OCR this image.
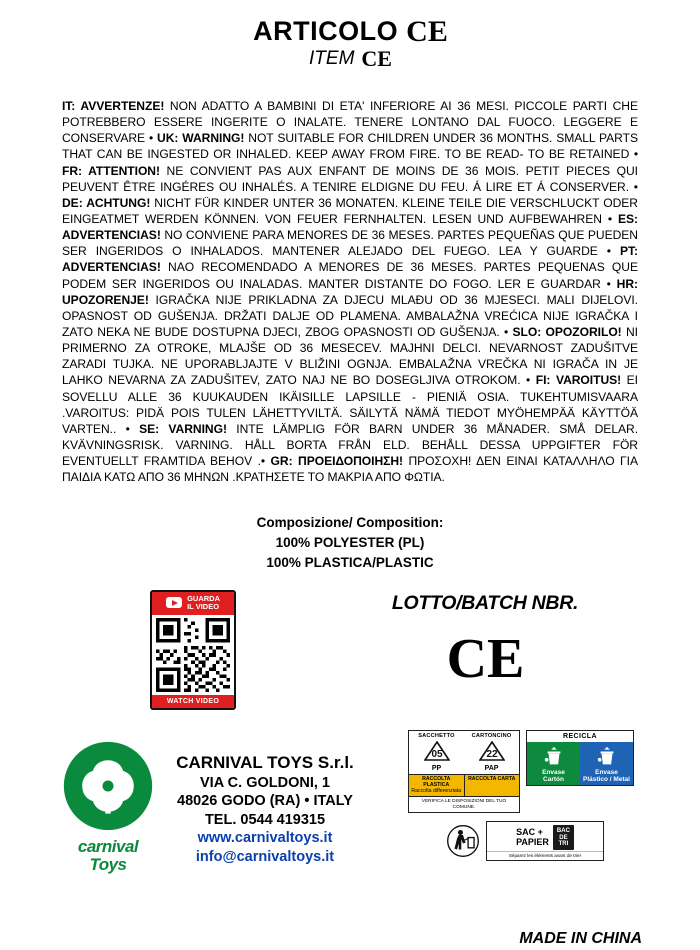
ARTICOLO C E
ITEM C E
IT: AVVERTENZE! NON ADATTO A BAMBINI DI ETA' INFERIORE AI 36 MESI. PICCOLE PARTI CHE POTREBBERO ESSERE INGERITE O INALATE. TENERE LONTANO DAL FUOCO. LEGGERE E CONSERVARE • UK: WARNING! NOT SUITABLE FOR CHILDREN UNDER 36 MONTHS. SMALL PARTS THAT CAN BE INGESTED OR INHALED. KEEP AWAY FROM FIRE. TO BE READ- TO BE RETAINED • FR: ATTENTION! NE CONVIENT PAS AUX ENFANT DE MOINS DE 36 MOIS. PETIT PIECES QUI PEUVENT ÊTRE INGÉRES OU INHALÉS. A TENIRE ELDIGNE DU FEU. Á LIRE ET Á CONSERVER. • DE: ACHTUNG! NICHT FÜR KINDER UNTER 36 MONATEN. KLEINE TEILE DIE VERSCHLUCKT ODER EINGEATMET WERDEN KÖNNEN. VON FEUER FERNHALTEN. LESEN UND AUFBEWAHREN • ES: ADVERTENCIAS! NO CONVIENE PARA MENORES DE 36 MESES. PARTES PEQUEÑAS QUE PUEDEN SER INGERIDOS O INHALADOS. MANTENER ALEJADO DEL FUEGO. LEA Y GUARDE • PT: ADVERTENCIAS! NAO RECOMENDADO A MENORES DE 36 MESES. PARTES PEQUENAS QUE PODEM SER INGERIDOS OU INALADAS. MANTER DISTANTE DO FOGO. LER E GUARDAR • HR: UPOZORENJE! IGRAČKA NIJE PRIKLADNA ZA DJECU MLAĐU OD 36 MJESECI. MALI DIJELOVI. OPASNOST OD GUŠENJA. DRŽATI DALJE OD PLAMENA. AMBALAŽNA VREĆICA NIJE IGRAČKA I ZATO NEKA NE BUDE DOSTUPNA DJECI, ZBOG OPASNOSTI OD GUŠENJA. • SLO: OPOZORILO! NI PRIMERNO ZA OTROKE, MLAJŠE OD 36 MESECEV. MAJHNI DELCI. NEVARNOST ZADUŠITVE ZARADI TUJKA. NE UPORABLJAJTE V BLIŽINI OGNJA. EMBALAŽNA VREČKA NI IGRAČA IN JE LAHKO NEVARNA ZA ZADUŠITEV, ZATO NAJ NE BO DOSEGLJIVA OTROKOM. • FI: VAROITUS! EI SOVELLU ALLE 36 KUUKAUDEN IKÄISILLE LAPSILLE - PIENIÄ OSIA. TUKEHTUMISVAARA .VAROITUS: PIDÄ POIS TULEN LÄHETTYVILTÄ. SÄILYTÄ NÄMÄ TIEDOT MYÖHEMPÄÄ KÄYTTÖÄ VARTEN.. • SE: VARNING! INTE LÄMPLIG FÖR BARN UNDER 36 MÅNADER. SMÅ DELAR. KVÄVNINGSRISK. VARNING. HÅLL BORTA FRÅN ELD. BEHÅLL DESSA UPPGIFTER FÖR EVENTUELLT FRAMTIDA BEHOV .• GR: ΠΡΟΕΙΔΟΠΟΙΗΣΗ! ΠΡΟΣΟΧΗ! ΔΕΝ ΕΙΝΑΙ ΚΑΤΑΛΛΗΛΟ ΓΙΑ ΠΑΙΔΙΑ ΚΑΤΩ ΑΠΟ 36 ΜΗΝΩΝ .ΚΡΑΤΗΣΕΤΕ ΤΟ ΜΑΚΡΙΑ ΑΠΟ ΦΩΤΙΑ.
Composizione/ Composition:
100% POLYESTER (PL)
100% PLASTICA/PLASTIC
GUARDA
IL VIDEO
WATCH VIDEO
LOTTO/BATCH NBR.
C E
carnival
Toys
CARNIVAL TOYS S.r.l.
VIA C. GOLDONI, 1
48026 GODO (RA) • ITALY
TEL. 0544 419315
www.carnivaltoys.it
info@carnivaltoys.it
SACCHETTO	CARTONCINO
05	22
PP	PAP
RACCOLTA PLASTICA
Raccolta differenziata
RACCOLTA CARTA
VERIFICA LE DISPOSIZIONI DEL TUO COMUNE.
RECICLA
Envase
Cartón
Envase
Plástico / Metal
SAC +
PAPIER
BAC
DE
TRI
Séparez les éléments avant de trier
MADE IN CHINA
